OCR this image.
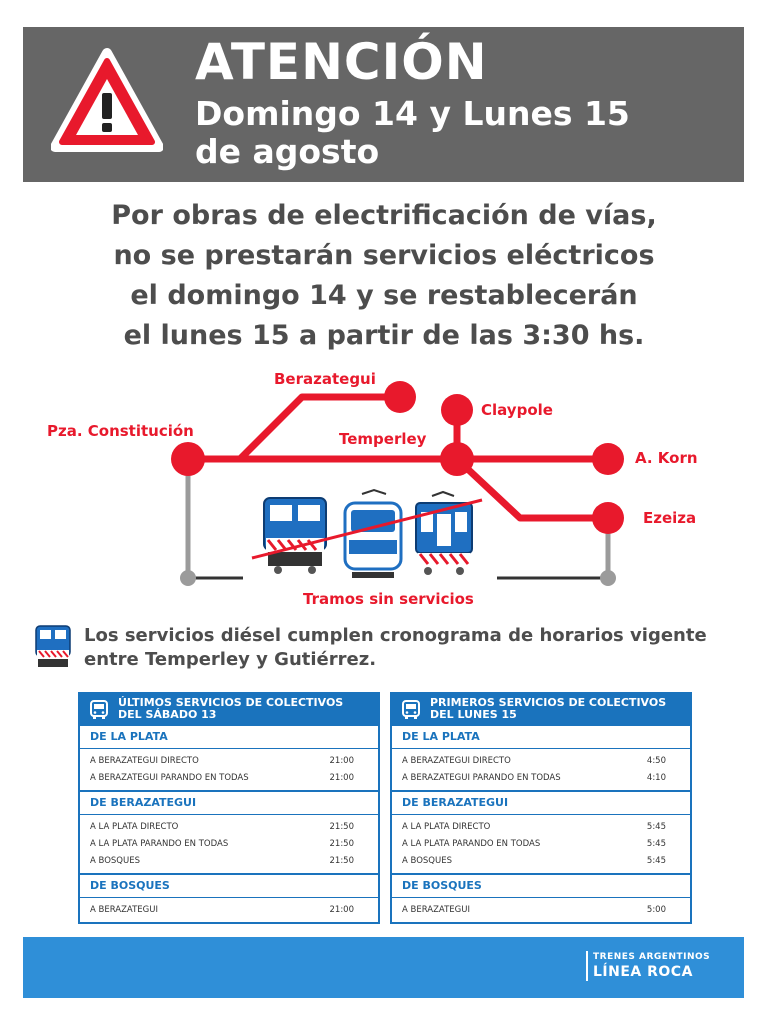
ATENCIÓN
Domingo 14 y Lunes 15
de agosto
Por obras de electrificación de vías,
no se prestarán servicios eléctricos
el domingo 14 y se restablecerán
el lunes 15 a partir de las 3:30 hs.
Berazategui
Pza. Constitución	Temperley
Claypole
A. Korn
Ezeiza
Tramos sin servicios
Los servicios diésel cumplen cronograma de horarios vigente
entre Temperley y Gutiérrez.
ÚLTIMOS SERVICIOS DE COLECTIVOS
DEL SÁBADO 13
DE LA PLATA
A BERAZATEGUI DIRECTO	21:00
A BERAZATEGUI PARANDO EN TODAS	21:00
DE BERAZATEGUI
A LA PLATA DIRECTO	21:50
A LA PLATA PARANDO EN TODAS	21:50
A BOSQUES	21:50
DE BOSQUES
A BERAZATEGUI	21:00
PRIMEROS SERVICIOS DE COLECTIVOS
DEL LUNES 15
DE LA PLATA
A BERAZATEGUI DIRECTO	4:50
A BERAZATEGUI PARANDO EN TODAS	4:10
DE BERAZATEGUI
A LA PLATA DIRECTO	5:45
A LA PLATA PARANDO EN TODAS	5:45
A BOSQUES	5:45
DE BOSQUES
A BERAZATEGUI	5:00
TRENES ARGENTINOS
LÍNEA ROCA
